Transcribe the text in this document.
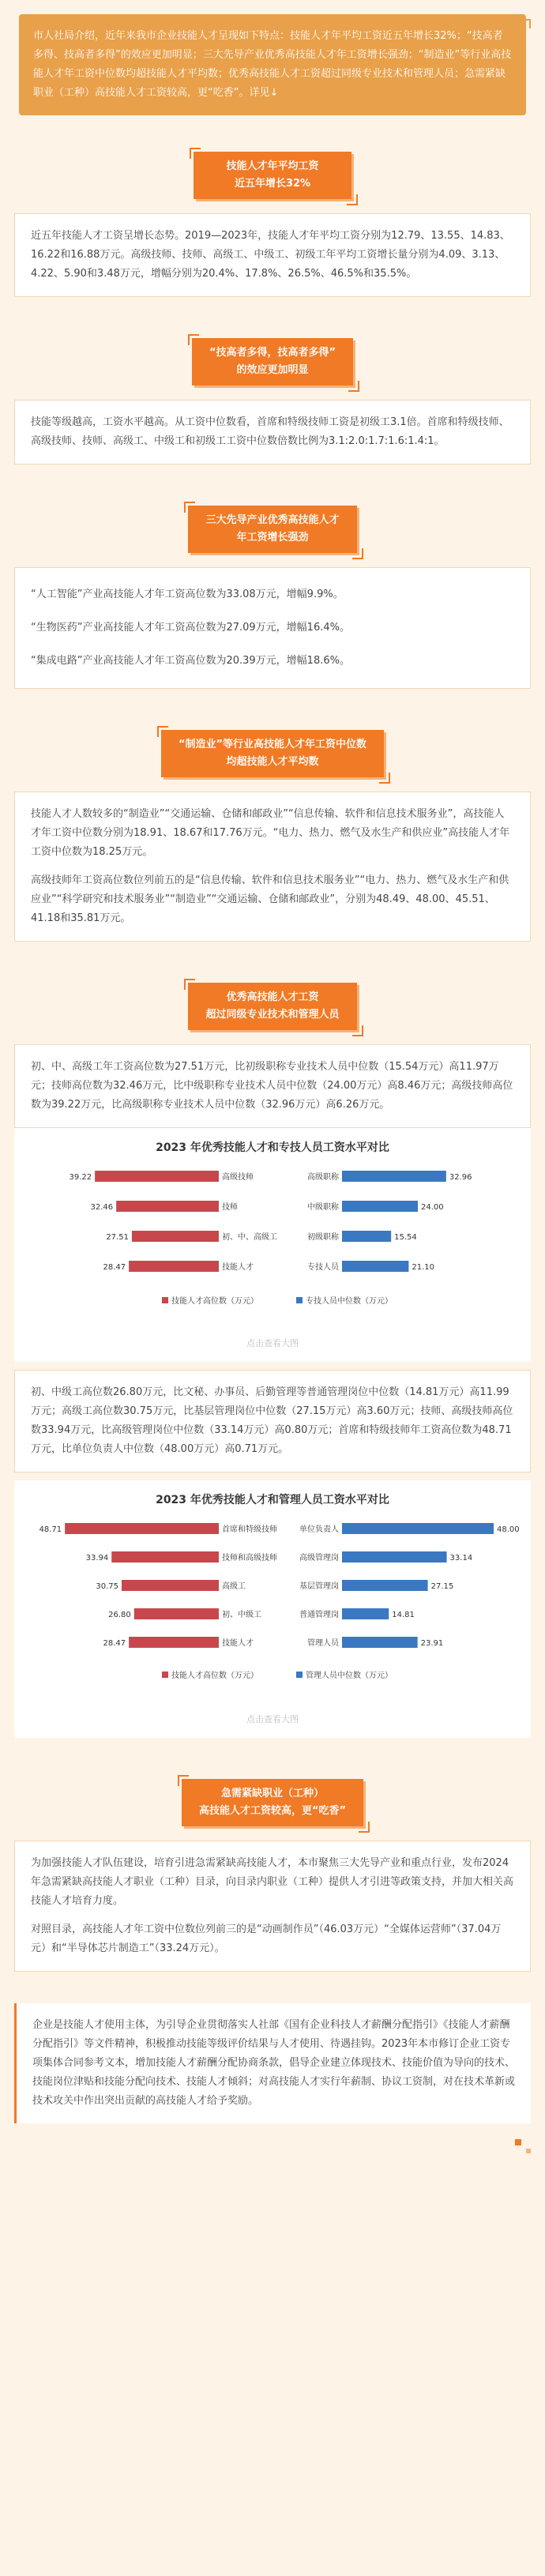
市人社局介绍，近年来我市企业技能人才呈现如下特点：技能人才年平均工资近五年增长32%；“技高者多得、技高者多得”的效应更加明显；三大先导产业优秀高技能人才年工资增长强劲；“制造业”等行业高技能人才年工资中位数均超技能人才平均数；优秀高技能人才工资超过同级专业技术和管理人员；急需紧缺职业（工种）高技能人才工资较高，更“吃香”。详见↓

技能人才年平均工资
近五年增长32%

近五年技能人才工资呈增长态势。2019—2023年，技能人才年平均工资分别为12.79、13.55、14.83、16.22和16.88万元。高级技师、技师、高级工、中级工、初级工年平均工资增长量分别为4.09、3.13、4.22、5.90和3.48万元，增幅分别为20.4%、17.8%、26.5%、46.5%和35.5%。

“技高者多得，技高者多得”
的效应更加明显

技能等级越高，工资水平越高。从工资中位数看，首席和特级技师工资是初级工3.1倍。首席和特级技师、高级技师、技师、高级工、中级工和初级工工资中位数倍数比例为3.1:2.0:1.7:1.6:1.4:1。

三大先导产业优秀高技能人才
年工资增长强劲

“人工智能”产业高技能人才年工资高位数为33.08万元，增幅9.9%。

“生物医药”产业高技能人才年工资高位数为27.09万元，增幅16.4%。

“集成电路”产业高技能人才年工资高位数为20.39万元，增幅18.6%。

“制造业”等行业高技能人才年工资中位数
均超技能人才平均数

技能人才人数较多的“制造业”“交通运输、仓储和邮政业”“信息传输、软件和信息技术服务业”，高技能人才年工资中位数分别为18.91、18.67和17.76万元。“电力、热力、燃气及水生产和供应业”高技能人才年工资中位数为18.25万元。

高级技师年工资高位数位列前五的是“信息传输、软件和信息技术服务业”“电力、热力、燃气及水生产和供应业”“科学研究和技术服务业”“制造业”“交通运输、仓储和邮政业”，分别为48.49、48.00、45.51、41.18和35.81万元。

优秀高技能人才工资
超过同级专业技术和管理人员

初、中、高级工年工资高位数为27.51万元，比初级职称专业技术人员中位数（15.54万元）高11.97万元；技师高位数为32.46万元，比中级职称专业技术人员中位数（24.00万元）高8.46万元；高级技师高位数为39.22万元，比高级职称专业技术人员中位数（32.96万元）高6.26万元。

2023 年优秀技能人才和专技人员工资水平对比
39.22	32.96
高级技师	高级职称
32.46	24.00
技师	中级职称
27.51	15.54
初、中、高级工	初级职称
28.47	21.10
技能人才	专技人员
技能人才高位数（万元）	专技人员中位数（万元）
点击查看大图

初、中级工高位数26.80万元，比文秘、办事员、后勤管理等普通管理岗位中位数（14.81万元）高11.99万元；高级工高位数30.75万元，比基层管理岗位中位数（27.15万元）高3.60万元；技师、高级技师高位数33.94万元，比高级管理岗位中位数（33.14万元）高0.80万元；首席和特级技师年工资高位数为48.71万元，比单位负责人中位数（48.00万元）高0.71万元。

2023 年优秀技能人才和管理人员工资水平对比
48.71	48.00
首席和特级技师	单位负责人
33.94	33.14
技师和高级技师	高级管理岗
30.75	27.15
高级工	基层管理岗
26.80	14.81
初、中级工	普通管理岗
28.47	23.91
技能人才	管理人员
技能人才高位数（万元）	管理人员中位数（万元）
点击查看大图
急需紧缺职业（工种）
高技能人才工资较高，更“吃香”

为加强技能人才队伍建设，培育引进急需紧缺高技能人才，本市聚焦三大先导产业和重点行业，发布2024年急需紧缺高技能人才职业（工种）目录，向目录内职业（工种）提供人才引进等政策支持，并加大相关高技能人才培育力度。

对照目录，高技能人才年工资中位数位列前三的是“动画制作员”（46.03万元）“全媒体运营师”（37.04万元）和“半导体芯片制造工”（33.24万元）。

企业是技能人才使用主体，为引导企业贯彻落实人社部《国有企业科技人才薪酬分配指引》《技能人才薪酬分配指引》等文件精神，积极推动技能等级评价结果与人才使用、待遇挂钩。2023年本市修订企业工资专项集体合同参考文本，增加技能人才薪酬分配协商条款，倡导企业建立体现技术、技能价值为导向的技术、技能岗位津贴和技能分配向技术、技能人才倾斜；对高技能人才实行年薪制、协议工资制，对在技术革新或技术攻关中作出突出贡献的高技能人才给予奖励。
